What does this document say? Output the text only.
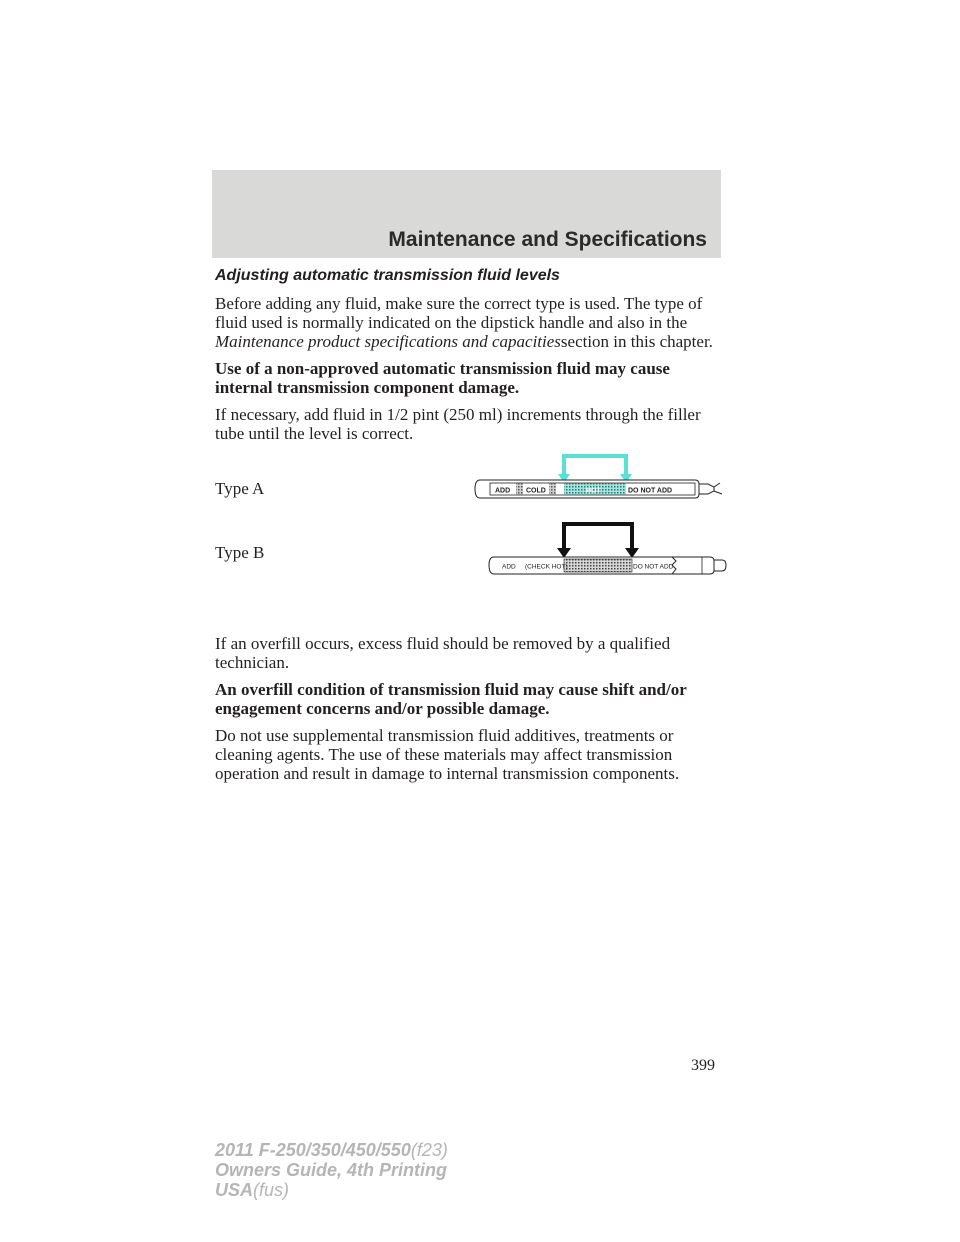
Maintenance and Specifications
Adjusting automatic transmission fluid levels

Before adding any fluid, make sure the correct type is used. The type of fluid used is normally indicated on the dipstick handle and also in the Maintenance product specifications and capacitiessection in this chapter.

Use of a non-approved automatic transmission fluid may cause internal transmission component damage.

If necessary, add fluid in 1/2 pint (250 ml) increments through the filler tube until the level is correct.

Type A
Type B
ADD COLD	HOT	DO NOT ADD
ADD (CHECK HOT)	DO NOT ADD

If an overfill occurs, excess fluid should be removed by a qualified technician.

An overfill condition of transmission fluid may cause shift and/or engagement concerns and/or possible damage.

Do not use supplemental transmission fluid additives, treatments or cleaning agents. The use of these materials may affect transmission operation and result in damage to internal transmission components.

399
2011 F-250/350/450/550(f23)
Owners Guide, 4th Printing
USA(fus)
